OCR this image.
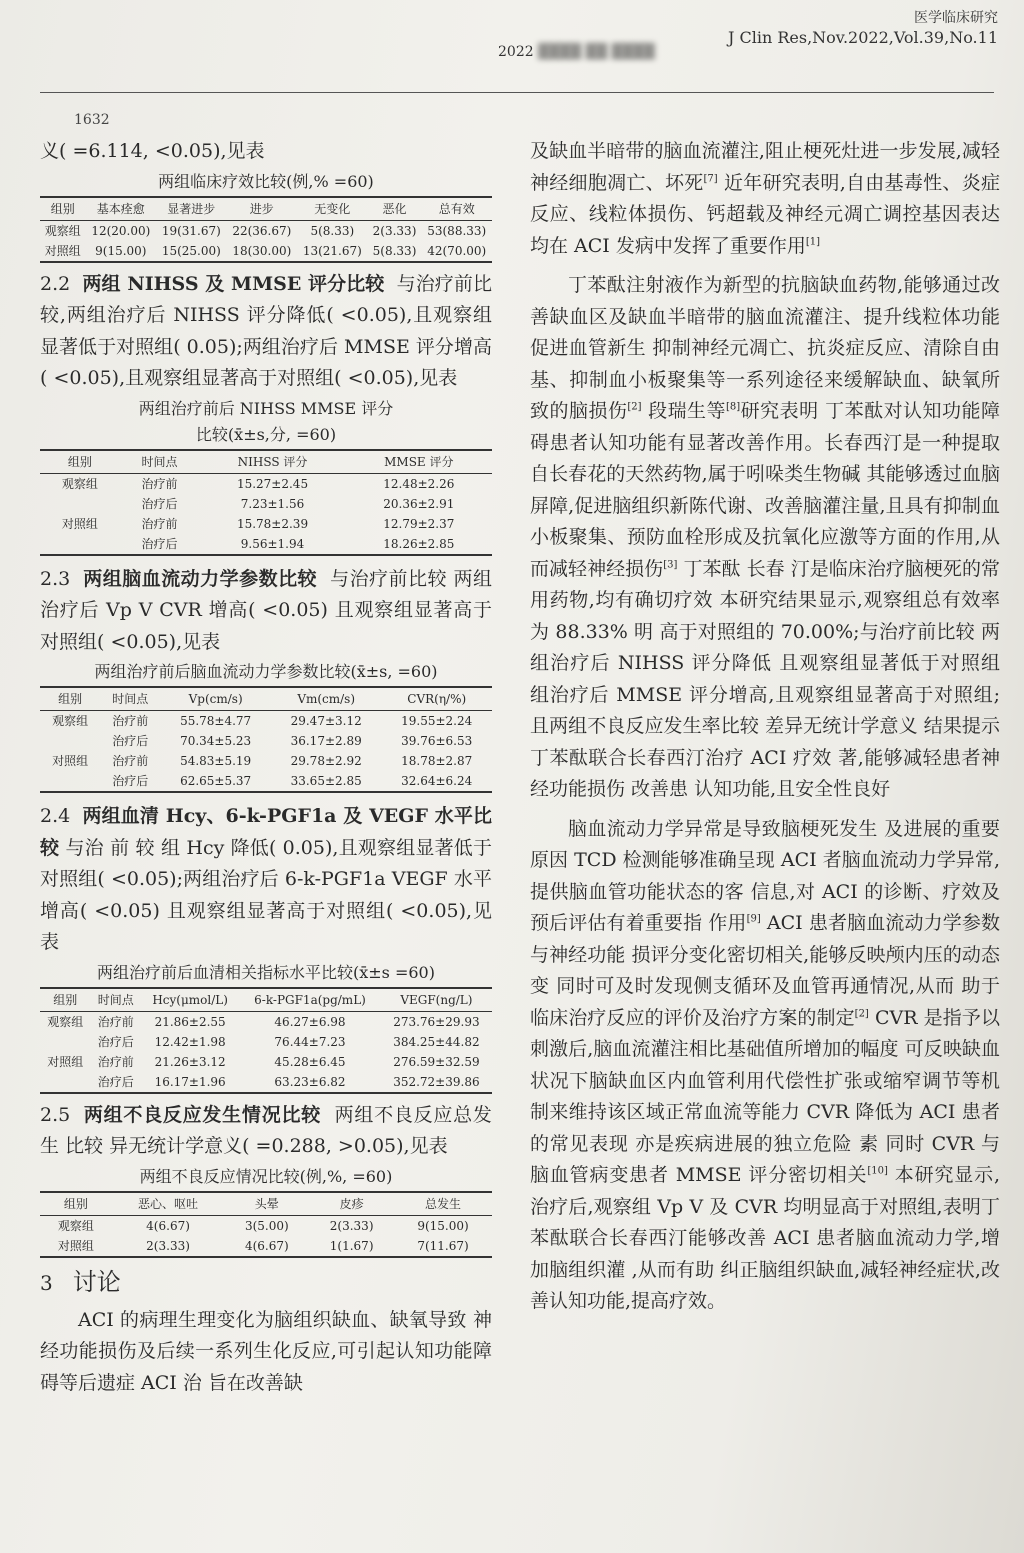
医学临床研究
J Clin Res,Nov.2022,Vol.39,No.11
2022 ████ ██ ████
1632

义( =6.114, <0.05),见表

两组临床疗效比较(例,% =60)
组别	基本痊愈	显著进步	进步	无变化	恶化	总有效
观察组	12(20.00)	19(31.67)	22(36.67)	5(8.33)	2(3.33)	53(88.33)
对照组	9(15.00)	15(25.00)	18(30.00)	13(21.67)	5(8.33)	42(70.00)

2.2 两组 NIHSS 及 MMSE 评分比较 与治疗前比较,两组治疗后 NIHSS 评分降低( <0.05),且观察组显著低于对照组( 0.05);两组治疗后 MMSE 评分增高( <0.05),且观察组显著高于对照组( <0.05),见表

两组治疗前后 NIHSS MMSE 评分
比较(x̄±s,分, =60)
组别	时间点	NIHSS 评分	MMSE 评分
观察组	治疗前	15.27±2.45	12.48±2.26
	治疗后	7.23±1.56	20.36±2.91
对照组	治疗前	15.78±2.39	12.79±2.37
	治疗后	9.56±1.94	18.26±2.85

2.3 两组脑血流动力学参数比较 与治疗前比较 两组治疗后 Vp V CVR 增高( <0.05) 且观察组显著高于对照组( <0.05),见表

两组治疗前后脑血流动力学参数比较(x̄±s, =60)
组别	时间点	Vp(cm/s)	Vm(cm/s)	CVR(η/%)
观察组	治疗前	55.78±4.77	29.47±3.12	19.55±2.24
	治疗后	70.34±5.23	36.17±2.89	39.76±6.53
对照组	治疗前	54.83±5.19	29.78±2.92	18.78±2.87
	治疗后	62.65±5.37	33.65±2.85	32.64±6.24

2.4 两组血清 Hcy、6-k-PGF1a 及 VEGF 水平比较 与治 前 较 组 Hcy 降低( 0.05),且观察组显著低于对照组( <0.05);两组治疗后 6-k-PGF1a VEGF 水平增高( <0.05) 且观察组显著高于对照组( <0.05),见表

两组治疗前后血清相关指标水平比较(x̄±s =60)
组别	时间点	Hcy(μmol/L)	6-k-PGF1a(pg/mL)	VEGF(ng/L)
观察组	治疗前	21.86±2.55	46.27±6.98	273.76±29.93
	治疗后	12.42±1.98	76.44±7.23	384.25±44.82
对照组	治疗前	21.26±3.12	45.28±6.45	276.59±32.59
	治疗后	16.17±1.96	63.23±6.82	352.72±39.86

2.5 两组不良反应发生情况比较 两组不良反应总发生 比较 异无统计学意义( =0.288, >0.05),见表

两组不良反应情况比较(例,%, =60)
组别	恶心、呕吐	头晕	皮疹	总发生
观察组	4(6.67)	3(5.00)	2(3.33)	9(15.00)
对照组	2(3.33)	4(6.67)	1(1.67)	7(11.67)
3 讨论

ACI 的病理生理变化为脑组织缺血、缺氧导致 神经功能损伤及后续一系列生化反应,可引起认知功能障碍等后遗症 ACI 治 旨在改善缺

及缺血半暗带的脑血流灌注,阻止梗死灶进一步发展,减轻神经细胞凋亡、坏死[7] 近年研究表明,自由基毒性、炎症反应、线粒体损伤、钙超载及神经元凋亡调控基因表达均在 ACI 发病中发挥了重要作用[1]

丁苯酞注射液作为新型的抗脑缺血药物,能够通过改善缺血区及缺血半暗带的脑血流灌注、提升线粒体功能 促进血管新生 抑制神经元凋亡、抗炎症反应、清除自由基、抑制血小板聚集等一系列途径来缓解缺血、缺氧所致的脑损伤[2] 段瑞生等[8]研究表明 丁苯酞对认知功能障碍患者认知功能有显著改善作用。长春西汀是一种提取自长春花的天然药物,属于吲哚类生物碱 其能够透过血脑屏障,促进脑组织新陈代谢、改善脑灌注量,且具有抑制血小板聚集、预防血栓形成及抗氧化应激等方面的作用,从而减轻神经损伤[3] 丁苯酞 长春 汀是临床治疗脑梗死的常用药物,均有确切疗效 本研究结果显示,观察组总有效率为 88.33% 明 高于对照组的 70.00%;与治疗前比较 两组治疗后 NIHSS 评分降低 且观察组显著低于对照组 组治疗后 MMSE 评分增高,且观察组显著高于对照组;且两组不良反应发生率比较 差异无统计学意义 结果提示 丁苯酞联合长春西汀治疗 ACI 疗效 著,能够减轻患者神经功能损伤 改善患 认知功能,且安全性良好

脑血流动力学异常是导致脑梗死发生 及进展的重要原因 TCD 检测能够准确呈现 ACI 者脑血流动力学异常,提供脑血管功能状态的客 信息,对 ACI 的诊断、疗效及预后评估有着重要指 作用[9] ACI 患者脑血流动力学参数与神经功能 损评分变化密切相关,能够反映颅内压的动态变 同时可及时发现侧支循环及血管再通情况,从而 助于临床治疗反应的评价及治疗方案的制定[2] CVR 是指予以刺激后,脑血流灌注相比基础值所增加的幅度 可反映缺血状况下脑缺血区内血管利用代偿性扩张或缩窄调节等机制来维持该区域正常血流等能力 CVR 降低为 ACI 患者的常见表现 亦是疾病进展的独立危险 素 同时 CVR 与脑血管病变患者 MMSE 评分密切相关[10] 本研究显示,治疗后,观察组 Vp V 及 CVR 均明显高于对照组,表明丁苯酞联合长春西汀能够改善 ACI 患者脑血流动力学,增加脑组织灌 ,从而有助 纠正脑组织缺血,减轻神经症状,改善认知功能,提高疗效。
